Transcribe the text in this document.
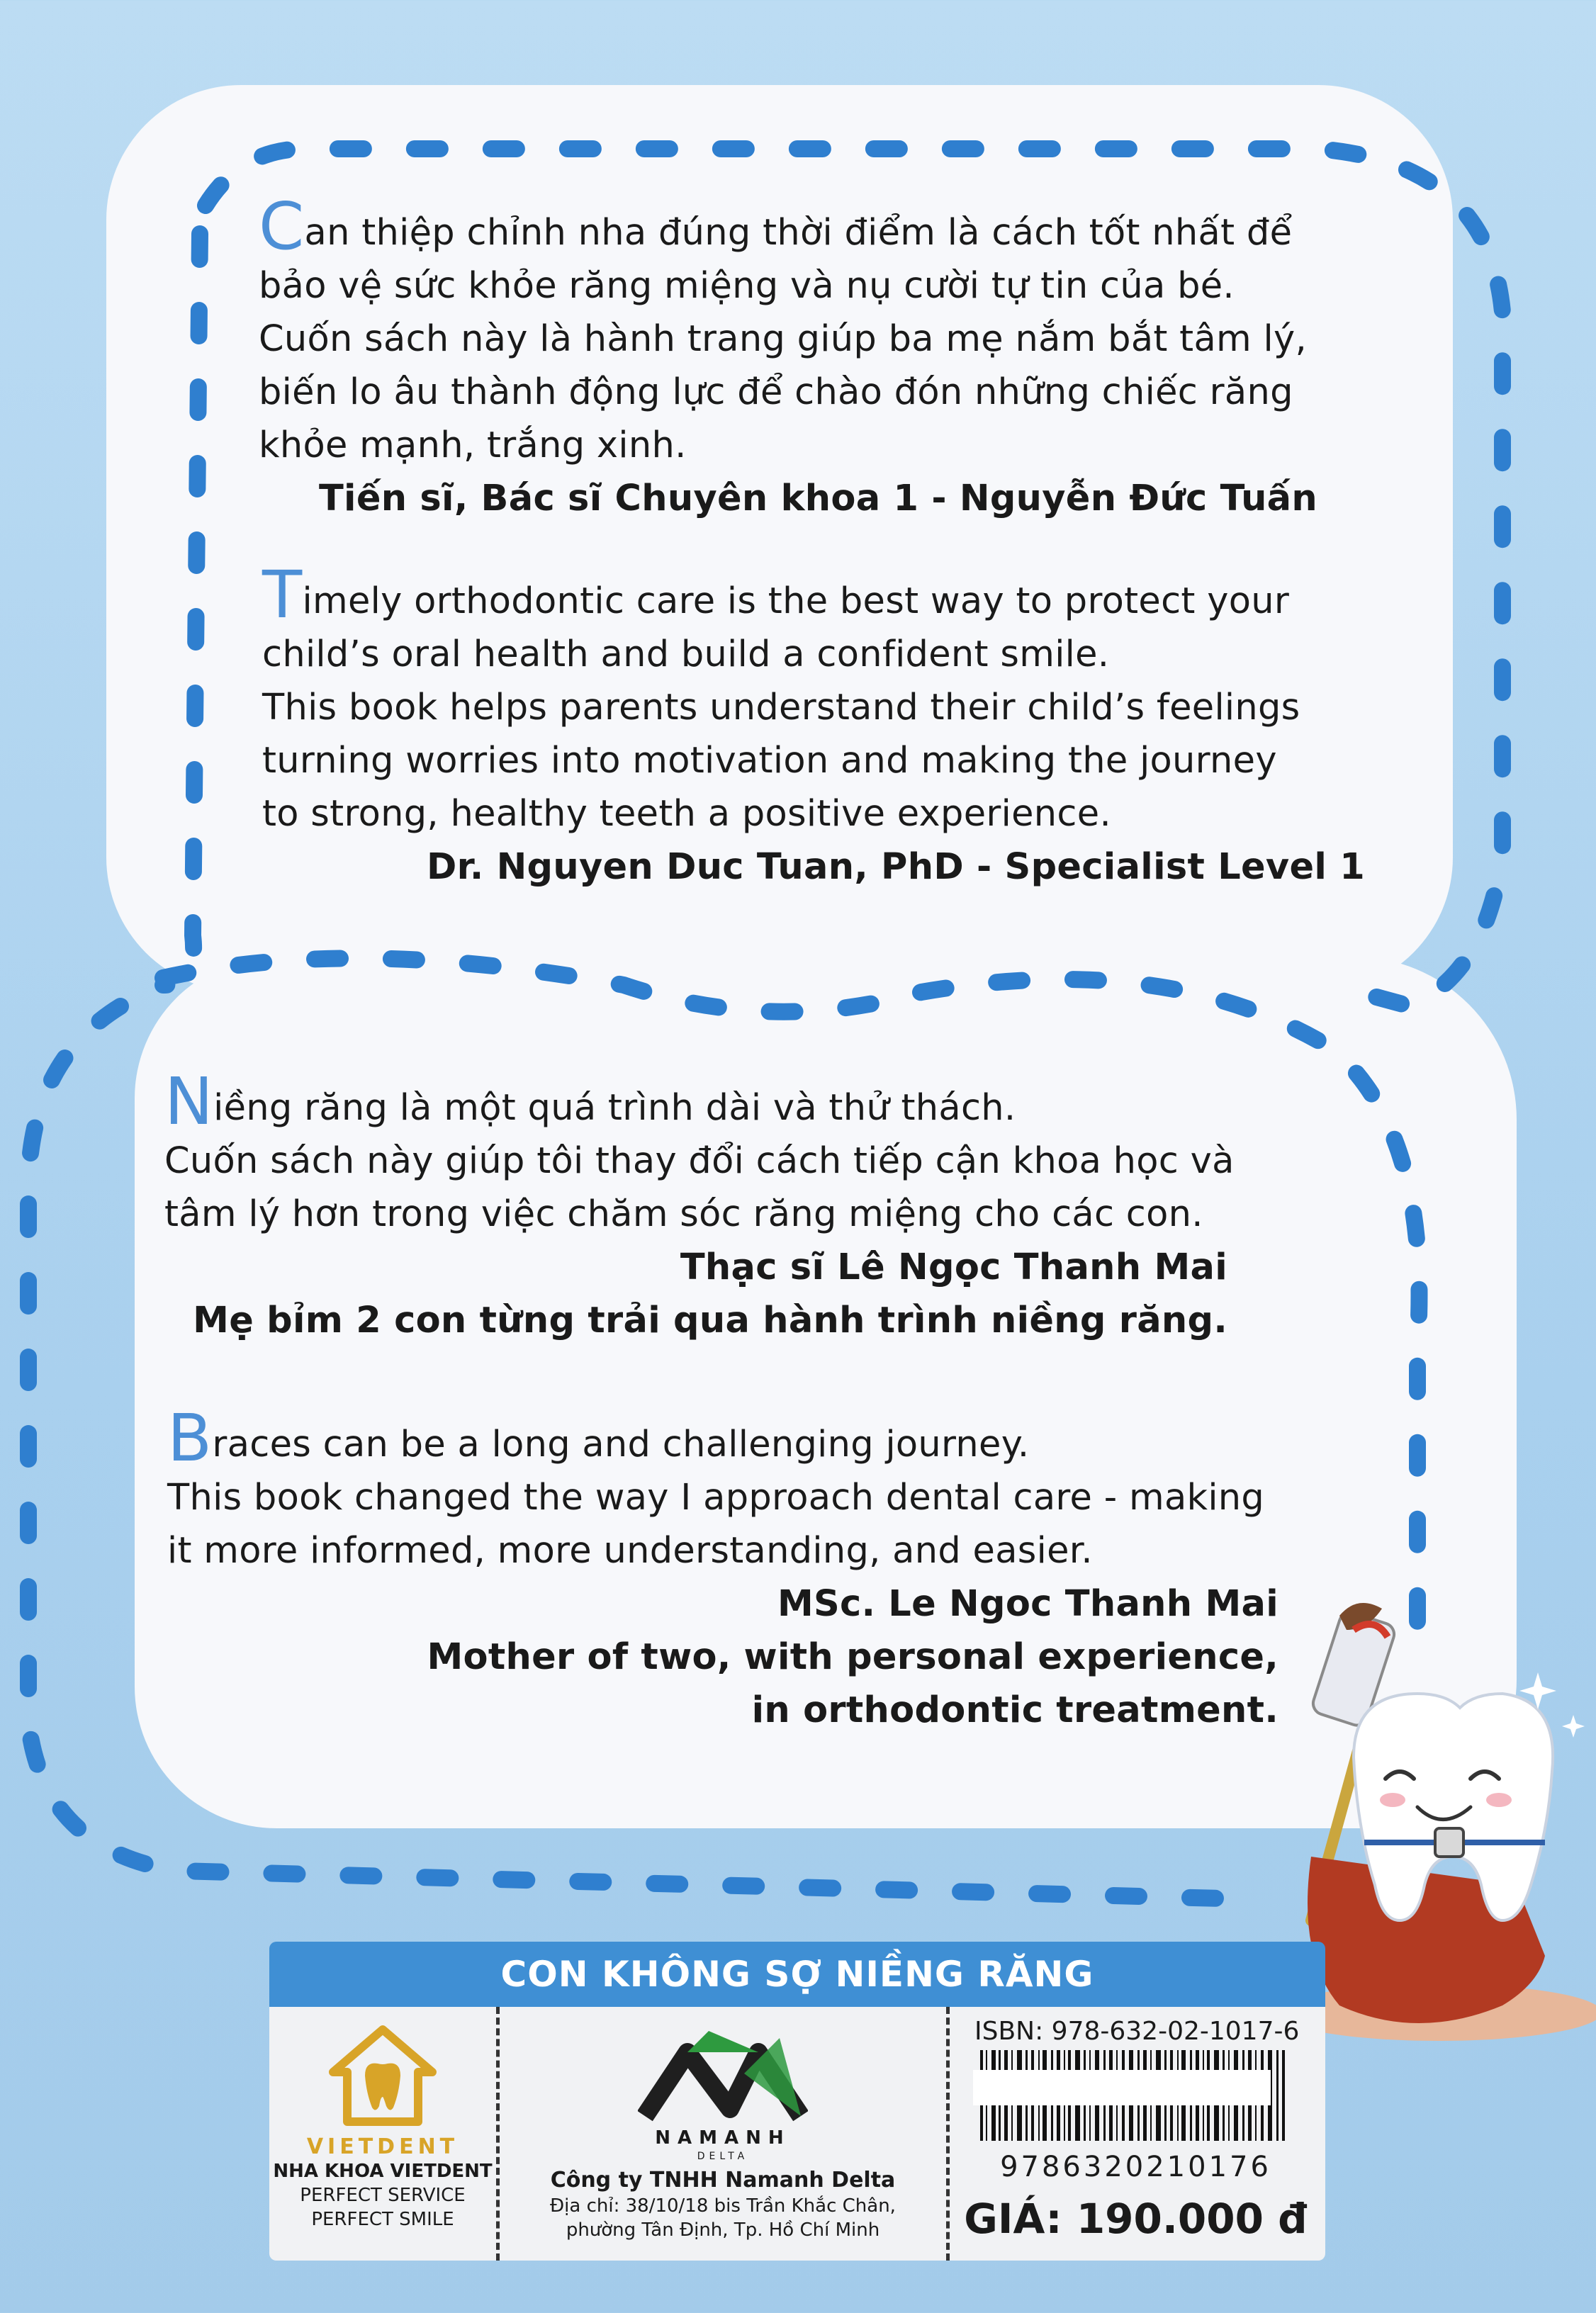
Can thiệp chỉnh nha đúng thời điểm là cách tốt nhất để

bảo vệ sức khỏe răng miệng và nụ cười tự tin của bé.

Cuốn sách này là hành trang giúp ba mẹ nắm bắt tâm lý,

biến lo âu thành động lực để chào đón những chiếc răng

khỏe mạnh, trắng xinh.

Tiến sĩ, Bác sĩ Chuyên khoa 1 - Nguyễn Đức Tuấn

Timely orthodontic care is the best way to protect your

child’s oral health and build a confident smile.

This book helps parents understand their child’s feelings

turning worries into motivation and making the journey

to strong, healthy teeth a positive experience.

Dr. Nguyen Duc Tuan, PhD - Specialist Level 1

Niềng răng là một quá trình dài và thử thách.

Cuốn sách này giúp tôi thay đổi cách tiếp cận khoa học và

tâm lý hơn trong việc chăm sóc răng miệng cho các con.

Thạc sĩ Lê Ngọc Thanh Mai

Mẹ bỉm 2 con từng trải qua hành trình niềng răng.

Braces can be a long and challenging journey.

This book changed the way I approach dental care - making

it more informed, more understanding, and easier.

MSc. Le Ngoc Thanh Mai

Mother of two, with personal experience,

in orthodontic treatment.

CON KHÔNG SỢ NIỀNG RĂNG
VIETDENT
NHA KHOA VIETDENT
PERFECT SERVICE
PERFECT SMILE
NAMANH
DELTA
Công ty TNHH Namanh Delta
Địa chỉ: 38/10/18 bis Trần Khắc Chân,
phường Tân Định, Tp. Hồ Chí Minh
ISBN: 978-632-02-1017-6
9786320210176
GIÁ: 190.000 đ
